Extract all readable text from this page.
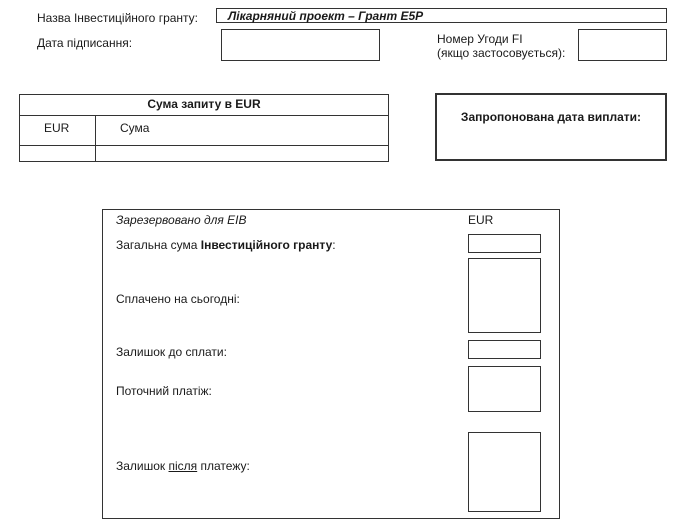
Назва Інвестиційного гранту: Лікарняний проект – Грант E5P
Дата підписання:	Номер Угоди FI
(якщо застосовується):
Сума запиту в EUR
EUR	Сума
Запропонована дата виплати:
Зарезервовано для EIB	EUR
Загальна сума Інвестиційного гранту:
Сплачено на сьогодні:
Залишок до сплати:
Поточний платіж:
Залишок після платежу:
